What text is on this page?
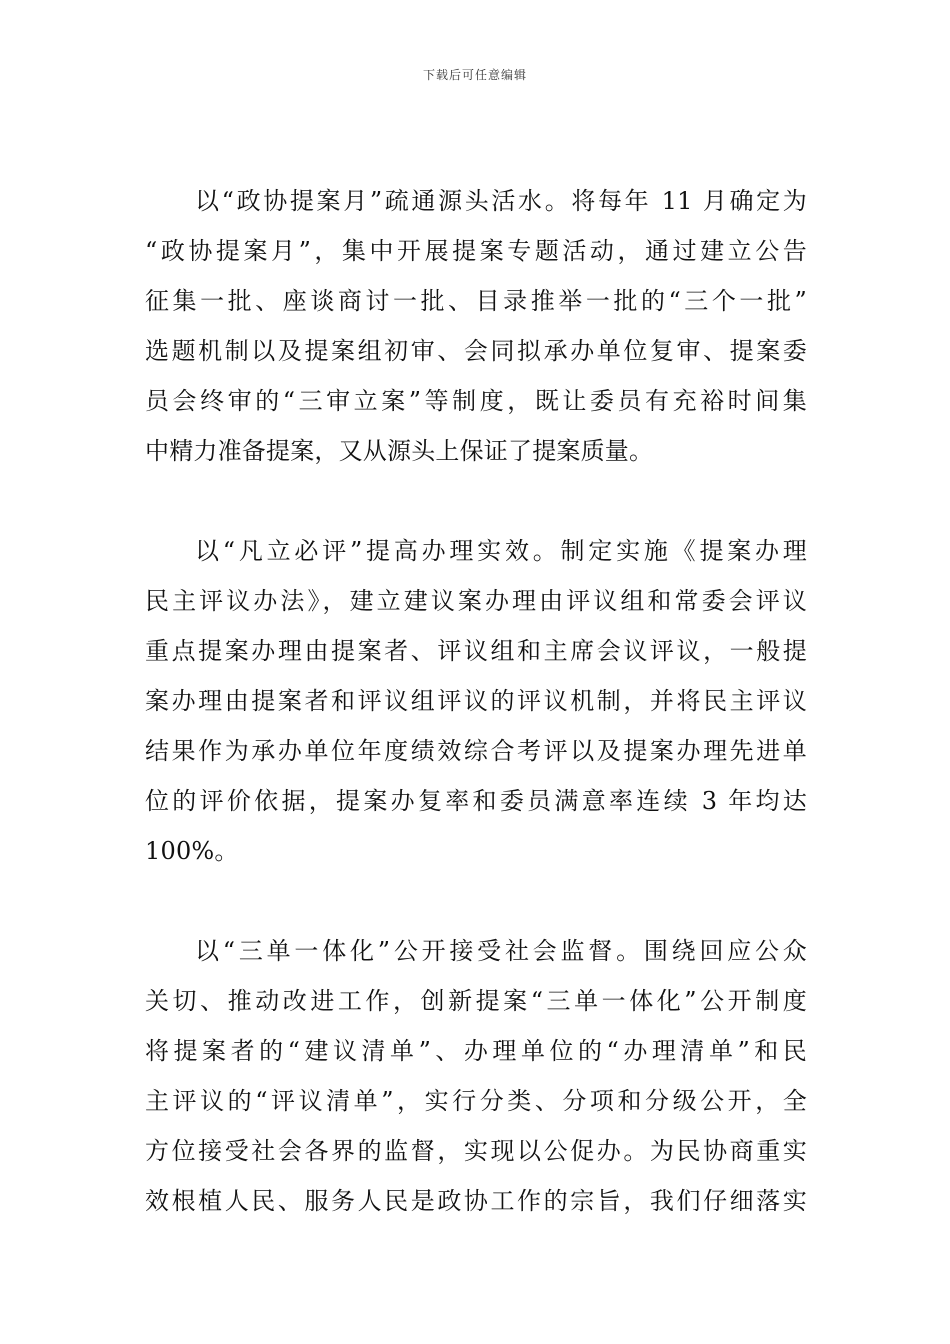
下载后可任意编辑
以“政协提案月”疏通源头活水。将每年 11 月确定为
“政协提案月”，集中开展提案专题活动，通过建立公告
征集一批、座谈商讨一批、目录推举一批的“三个一批”
选题机制以及提案组初审、会同拟承办单位复审、提案委
员会终审的“三审立案”等制度，既让委员有充裕时间集
中精力准备提案，又从源头上保证了提案质量。
以“凡立必评”提高办理实效。制定实施《提案办理
民主评议办法》，建立建议案办理由评议组和常委会评议
重点提案办理由提案者、评议组和主席会议评议，一般提
案办理由提案者和评议组评议的评议机制，并将民主评议
结果作为承办单位年度绩效综合考评以及提案办理先进单
位的评价依据，提案办复率和委员满意率连续 3 年均达
100%。
以“三单一体化”公开接受社会监督。围绕回应公众
关切、推动改进工作，创新提案“三单一体化”公开制度
将提案者的“建议清单”、办理单位的“办理清单”和民
主评议的“评议清单”，实行分类、分项和分级公开，全
方位接受社会各界的监督，实现以公促办。为民协商重实
效根植人民、服务人民是政协工作的宗旨，我们仔细落实
